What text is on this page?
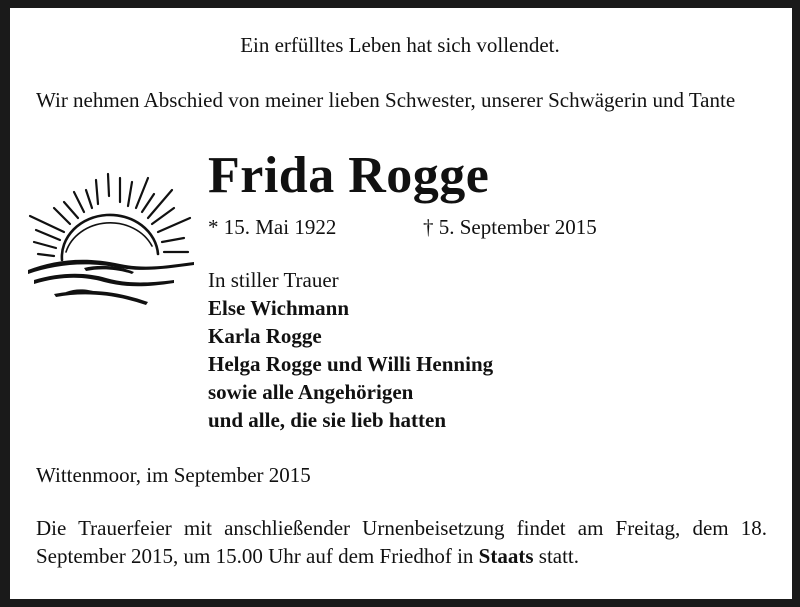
Ein erfülltes Leben hat sich vollendet.
Wir nehmen Abschied von meiner lieben Schwester, unserer Schwägerin und Tante
Frida Rogge
* 15. Mai 1922	† 5. September 2015
In stiller Trauer
Else Wichmann
Karla Rogge
Helga Rogge und Willi Henning
sowie alle Angehörigen
und alle, die sie lieb hatten
Wittenmoor, im September 2015
Die Trauerfeier mit anschließender Urnenbeisetzung findet am Freitag, dem 18. September 2015, um 15.00 Uhr auf dem Friedhof in Staats statt.
